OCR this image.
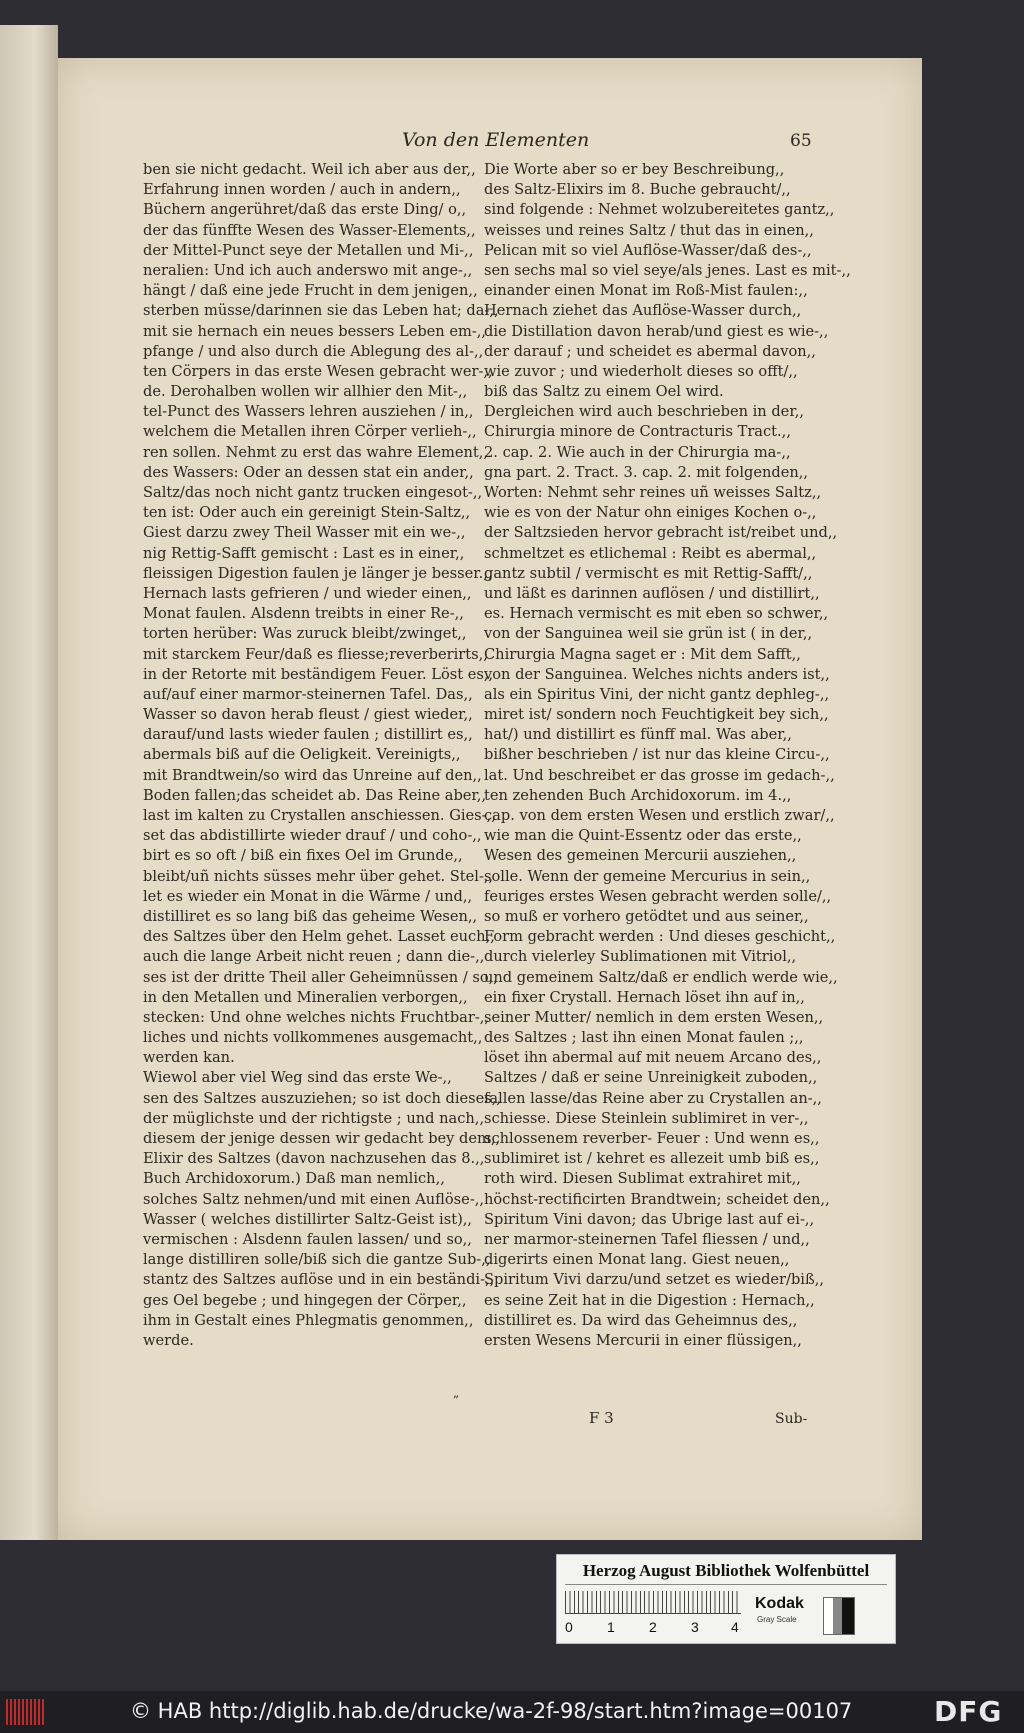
Von den Elementen	65
ben sie nicht gedacht. Weil ich aber aus der,,
Erfahrung innen worden / auch in andern,,
Büchern angerühret/daß das erste Ding/ o,,
der das fünffte Wesen des Wasser-Elements,,
der Mittel-Punct seye der Metallen und Mi-,,
neralien: Und ich auch anderswo mit ange-,,
hängt / daß eine jede Frucht in dem jenigen,,
sterben müsse/darinnen sie das Leben hat; da-,,
mit sie hernach ein neues bessers Leben em-,,
pfange / und also durch die Ablegung des al-,,
ten Cörpers in das erste Wesen gebracht wer-,,
de. Derohalben wollen wir allhier den Mit-,,
tel-Punct des Wassers lehren ausziehen / in,,
welchem die Metallen ihren Cörper verlieh-,,
ren sollen. Nehmt zu erst das wahre Element,,
des Wassers: Oder an dessen stat ein ander,,
Saltz/das noch nicht gantz trucken eingesot-,,
ten ist: Oder auch ein gereinigt Stein-Saltz,,
Giest darzu zwey Theil Wasser mit ein we-,,
nig Rettig-Safft gemischt : Last es in einer,,
fleissigen Digestion faulen je länger je besser.,,
Hernach lasts gefrieren / und wieder einen,,
Monat faulen. Alsdenn treibts in einer Re-,,
torten herüber: Was zuruck bleibt/zwinget,,
mit starckem Feur/daß es fliesse;reverberirts,,
in der Retorte mit beständigem Feuer. Löst es,,
auf/auf einer marmor-steinernen Tafel. Das,,
Wasser so davon herab fleust / giest wieder,,
darauf/und lasts wieder faulen ; distillirt es,,
abermals biß auf die Oeligkeit. Vereinigts,,
mit Brandtwein/so wird das Unreine auf den,,
Boden fallen;das scheidet ab. Das Reine aber,,
last im kalten zu Crystallen anschiessen. Gies-,,
set das abdistillirte wieder drauf / und coho-,,
birt es so oft / biß ein fixes Oel im Grunde,,
bleibt/uñ nichts süsses mehr über gehet. Stel-,,
let es wieder ein Monat in die Wärme / und,,
distilliret es so lang biß das geheime Wesen,,
des Saltzes über den Helm gehet. Lasset euch,,
auch die lange Arbeit nicht reuen ; dann die-,,
ses ist der dritte Theil aller Geheimnüssen / so,,
in den Metallen und Mineralien verborgen,,
stecken: Und ohne welches nichts Fruchtbar-,,
liches und nichts vollkommenes ausgemacht,,
werden kan.
Wiewol aber viel Weg sind das erste We-,,
sen des Saltzes auszuziehen; so ist doch dieses,,
der müglichste und der richtigste ; und nach,,
diesem der jenige dessen wir gedacht bey dem,,
Elixir des Saltzes (davon nachzusehen das 8.,,
Buch Archidoxorum.) Daß man nemlich,,
solches Saltz nehmen/und mit einen Auflöse-,,
Wasser ( welches distillirter Saltz-Geist ist),,
vermischen : Alsdenn faulen lassen/ und so,,
lange distilliren solle/biß sich die gantze Sub-,,
stantz des Saltzes auflöse und in ein beständi-,,
ges Oel begebe ; und hingegen der Cörper,,
ihm in Gestalt eines Phlegmatis genommen,,
werde.
Die Worte aber so er bey Beschreibung,,
des Saltz-Elixirs im 8. Buche gebraucht/,,
sind folgende : Nehmet wolzubereitetes gantz,,
weisses und reines Saltz / thut das in einen,,
Pelican mit so viel Auflöse-Wasser/daß des-,,
sen sechs mal so viel seye/als jenes. Last es mit-,,
einander einen Monat im Roß-Mist faulen:,,
Hernach ziehet das Auflöse-Wasser durch,,
die Distillation davon herab/und giest es wie-,,
der darauf ; und scheidet es abermal davon,,
wie zuvor ; und wiederholt dieses so offt/,,
biß das Saltz zu einem Oel wird.
Dergleichen wird auch beschrieben in der,,
Chirurgia minore de Contracturis Tract.,,
2. cap. 2. Wie auch in der Chirurgia ma-,,
gna part. 2. Tract. 3. cap. 2. mit folgenden,,
Worten: Nehmt sehr reines uñ weisses Saltz,,
wie es von der Natur ohn einiges Kochen o-,,
der Saltzsieden hervor gebracht ist/reibet und,,
schmeltzet es etlichemal : Reibt es abermal,,
gantz subtil / vermischt es mit Rettig-Safft/,,
und läßt es darinnen auflösen / und distillirt,,
es. Hernach vermischt es mit eben so schwer,,
von der Sanguinea weil sie grün ist ( in der,,
Chirurgia Magna saget er : Mit dem Safft,,
von der Sanguinea. Welches nichts anders ist,,
als ein Spiritus Vini, der nicht gantz dephleg-,,
miret ist/ sondern noch Feuchtigkeit bey sich,,
hat/) und distillirt es fünff mal. Was aber,,
bißher beschrieben / ist nur das kleine Circu-,,
lat. Und beschreibet er das grosse im gedach-,,
ten zehenden Buch Archidoxorum. im 4.,,
cap. von dem ersten Wesen und erstlich zwar/,,
wie man die Quint-Essentz oder das erste,,
Wesen des gemeinen Mercurii ausziehen,,
solle. Wenn der gemeine Mercurius in sein,,
feuriges erstes Wesen gebracht werden solle/,,
so muß er vorhero getödtet und aus seiner,,
Form gebracht werden : Und dieses geschicht,,
durch vielerley Sublimationen mit Vitriol,,
und gemeinem Saltz/daß er endlich werde wie,,
ein fixer Crystall. Hernach löset ihn auf in,,
seiner Mutter/ nemlich in dem ersten Wesen,,
des Saltzes ; last ihn einen Monat faulen ;,,
löset ihn abermal auf mit neuem Arcano des,,
Saltzes / daß er seine Unreinigkeit zuboden,,
fallen lasse/das Reine aber zu Crystallen an-,,
schiesse. Diese Steinlein sublimiret in ver-,,
schlossenem reverber- Feuer : Und wenn es,,
sublimiret ist / kehret es allezeit umb biß es,,
roth wird. Diesen Sublimat extrahiret mit,,
höchst-rectificirten Brandtwein; scheidet den,,
Spiritum Vini davon; das Ubrige last auf ei-,,
ner marmor-steinernen Tafel fliessen / und,,
digerirts einen Monat lang. Giest neuen,,
Spiritum Vivi darzu/und setzet es wieder/biß,,
es seine Zeit hat in die Digestion : Hernach,,
distilliret es. Da wird das Geheimnus des,,
ersten Wesens Mercurii in einer flüssigen,,
„
F 3	Sub-
Herzog August Bibliothek Wolfenbüttel
0 1 2 3 4
Kodak
Gray Scale
© HAB http://diglib.hab.de/drucke/wa-2f-98/start.htm?image=00107	DFG
